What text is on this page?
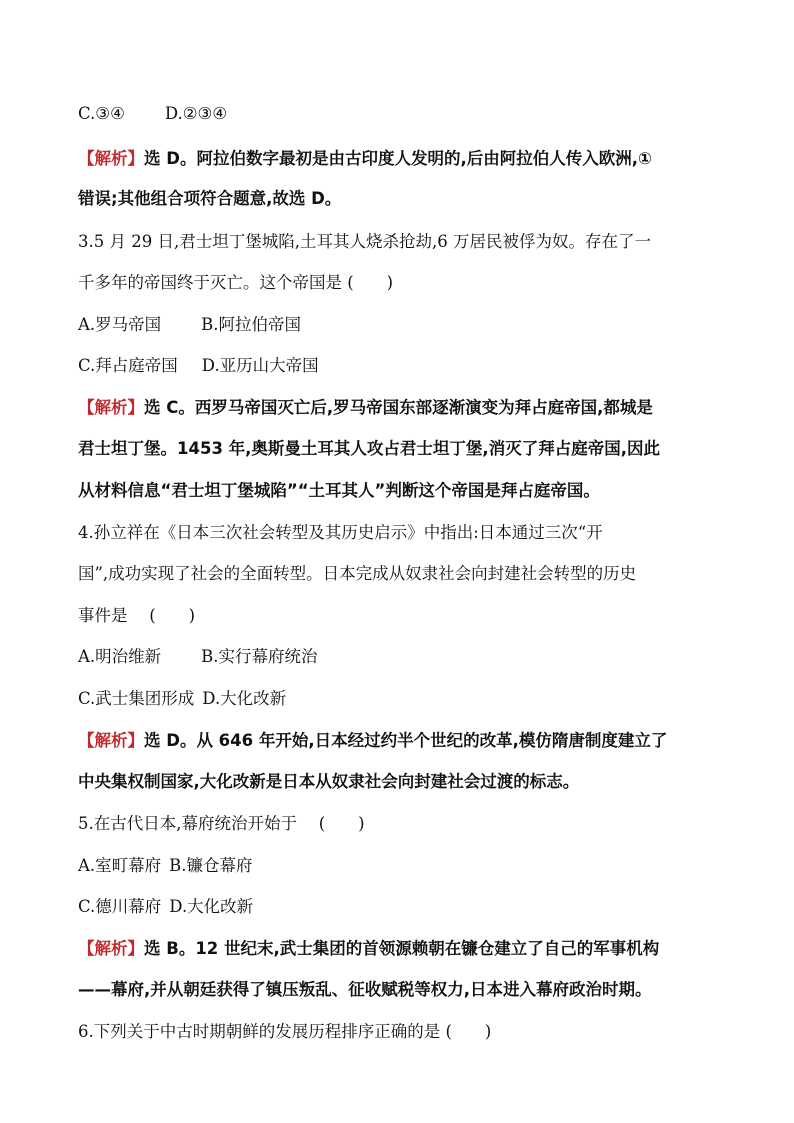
C.③④ D.②③④
【解析】选 D。阿拉伯数字最初是由古印度人发明的,后由阿拉伯人传入欧洲,①
错误;其他组合项符合题意,故选 D。
3.5 月 29 日,君士坦丁堡城陷,土耳其人烧杀抢劫,6 万居民被俘为奴。存在了一
千多年的帝国终于灭亡。这个帝国是 (　　)
A.罗马帝国 B.阿拉伯帝国
C.拜占庭帝国 D.亚历山大帝国
【解析】选 C。西罗马帝国灭亡后,罗马帝国东部逐渐演变为拜占庭帝国,都城是
君士坦丁堡。1453 年,奥斯曼土耳其人攻占君士坦丁堡,消灭了拜占庭帝国,因此
从材料信息“君士坦丁堡城陷”“土耳其人”判断这个帝国是拜占庭帝国。
4.孙立祥在《日本三次社会转型及其历史启示》中指出:日本通过三次“开
国”,成功实现了社会的全面转型。日本完成从奴隶社会向封建社会转型的历史
事件是　 (　　)
A.明治维新 B.实行幕府统治
C.武士集团形成 D.大化改新
【解析】选 D。从 646 年开始,日本经过约半个世纪的改革,模仿隋唐制度建立了
中央集权制国家,大化改新是日本从奴隶社会向封建社会过渡的标志。
5.在古代日本,幕府统治开始于　 (　　)
A.室町幕府 B.镰仓幕府
C.德川幕府 D.大化改新
【解析】选 B。12 世纪末,武士集团的首领源赖朝在镰仓建立了自己的军事机构
——幕府,并从朝廷获得了镇压叛乱、征收赋税等权力,日本进入幕府政治时期。
6.下列关于中古时期朝鲜的发展历程排序正确的是 (　　)
